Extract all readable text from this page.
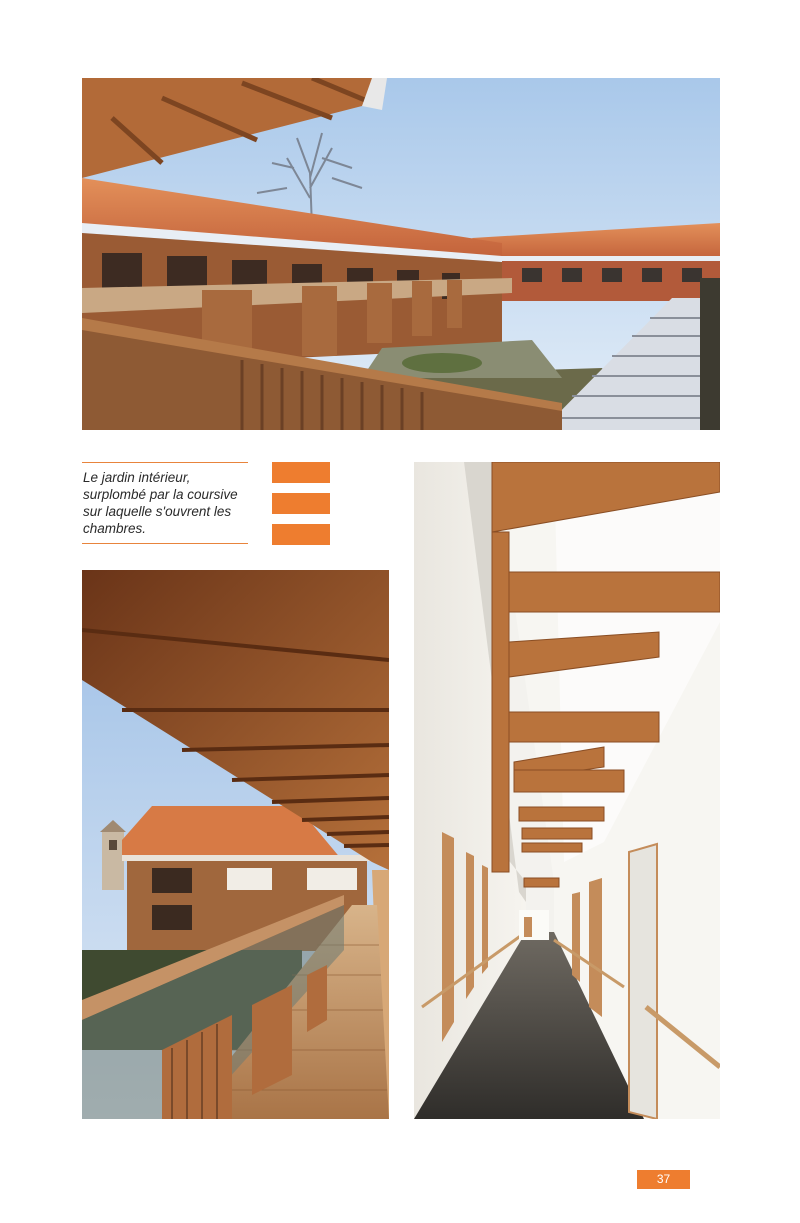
Le jardin intérieur,
surplombé par la coursive
sur laquelle s'ouvrent les
chambres.
37
